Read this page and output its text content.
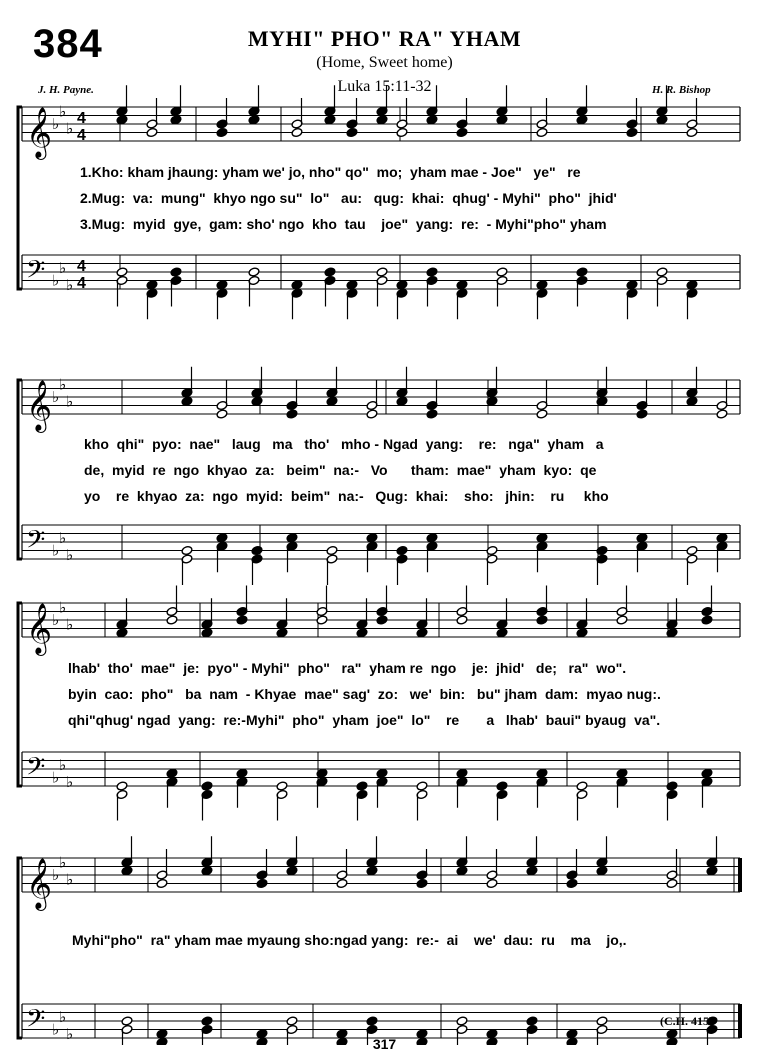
384	MYHI" PHO" RA" YHAM
(Home, Sweet home)
Luka 15:11-32
J. H. Payne.	H. R. Bishop
𝄞 ♭
♭
♭
4
4
𝄢 ♭
♭
♭
4
4
𝄞 ♭
♭
♭
𝄢 ♭
♭
♭
𝄞 ♭
♭
♭
𝄢 ♭
♭
♭
𝄞 ♭
♭
♭
𝄢 ♭
♭
♭
1.Kho: kham jhaung: yham we' jo, nho" qo"  mo;  yham mae - Joe"   ye"   re
2.Mug:  va:  mung"  khyo ngo su"  lo"   au:   qug:  khai:  qhug' - Myhi"  pho"  jhid'
3.Mug:  myid  gye,  gam: sho' ngo  kho  tau    joe"  yang:  re:  - Myhi"pho" yham
kho  qhi"  pyo:  nae"   laug   ma   tho'   mho - Ngad  yang:    re:   nga"  yham   a
de,  myid  re  ngo  khyao  za:   beim"  na:-   Vo      tham:  mae"  yham  kyo:  qe
yo    re  khyao  za:  ngo  myid:  beim"  na:-   Qug:  khai:    sho:   jhin:    ru     kho
lhab'  tho'  mae"  je:  pyo" - Myhi"  pho"   ra"  yham re  ngo    je:  jhid'   de;   ra"  wo".
byin  cao:  pho"   ba  nam  - Khyae  mae" sag'  zo:   we'  bin:   bu" jham  dam:  myao nug:.
qhi"qhug' ngad  yang:  re:-Myhi"  pho"  yham  joe"  lo"    re       a   lhab'  baui" byaug  va".
Myhi"pho"  ra" yham mae myaung sho:ngad yang:  re:-  ai    we'  dau:  ru    ma    jo,.
(C.H. 415)
317
